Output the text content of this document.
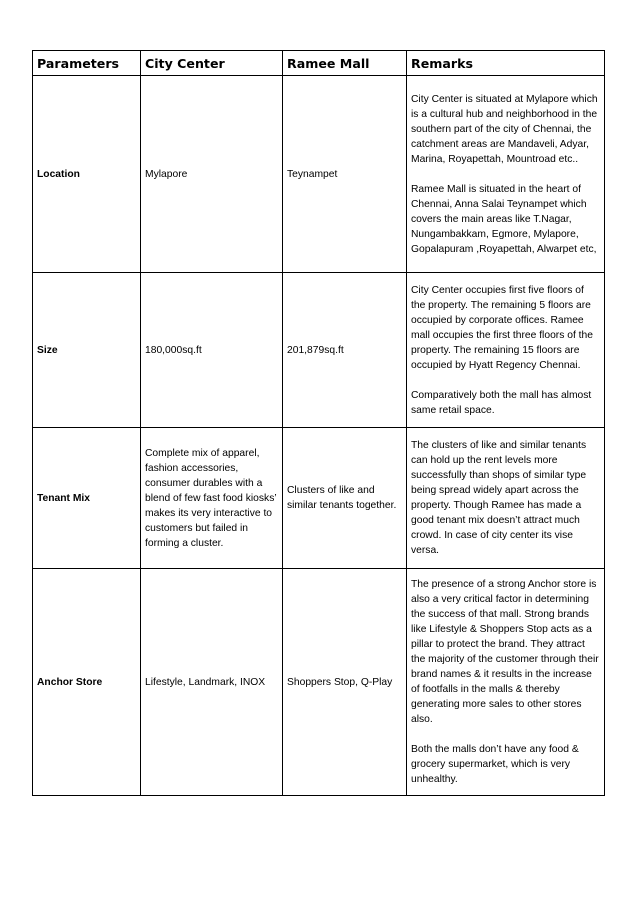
Parameters	City Center	Ramee Mall	Remarks
Location	Mylapore	Teynampet	City Center is situated at Mylapore which is a cultural hub and neighborhood in the southern part of the city of Chennai, the catchment areas are Mandaveli, Adyar, Marina, Royapettah, Mountroad etc..

Ramee Mall is situated in the heart of Chennai, Anna Salai Teynampet which covers the main areas like T.Nagar, Nungambakkam, Egmore, Mylapore, Gopalapuram ,Royapettah, Alwarpet etc,

Size	180,000sq.ft	201,879sq.ft	City Center occupies first five floors of the property. The remaining 5 floors are occupied by corporate offices. Ramee mall occupies the first three floors of the property. The remaining 15 floors are occupied by Hyatt Regency Chennai.

Comparatively both the mall has almost same retail space.

Tenant Mix	Complete mix of apparel, fashion accessories, consumer durables with a blend of few fast food kiosks’ makes its very interactive to customers but failed in forming a cluster.	Clusters of like and similar tenants together.	The clusters of like and similar tenants can hold up the rent levels more successfully than shops of similar type being spread widely apart across the property. Though Ramee has made a good tenant mix doesn’t attract much crowd. In case of city center its vise versa.

Anchor Store	Lifestyle, Landmark, INOX	Shoppers Stop, Q-Play	The presence of a strong Anchor store is also a very critical factor in determining the success of that mall. Strong brands like Lifestyle & Shoppers Stop acts as a pillar to protect the brand. They attract the majority of the customer through their brand names & it results in the increase of footfalls in the malls & thereby generating more sales to other stores also.

Both the malls don’t have any food & grocery supermarket, which is very unhealthy.
